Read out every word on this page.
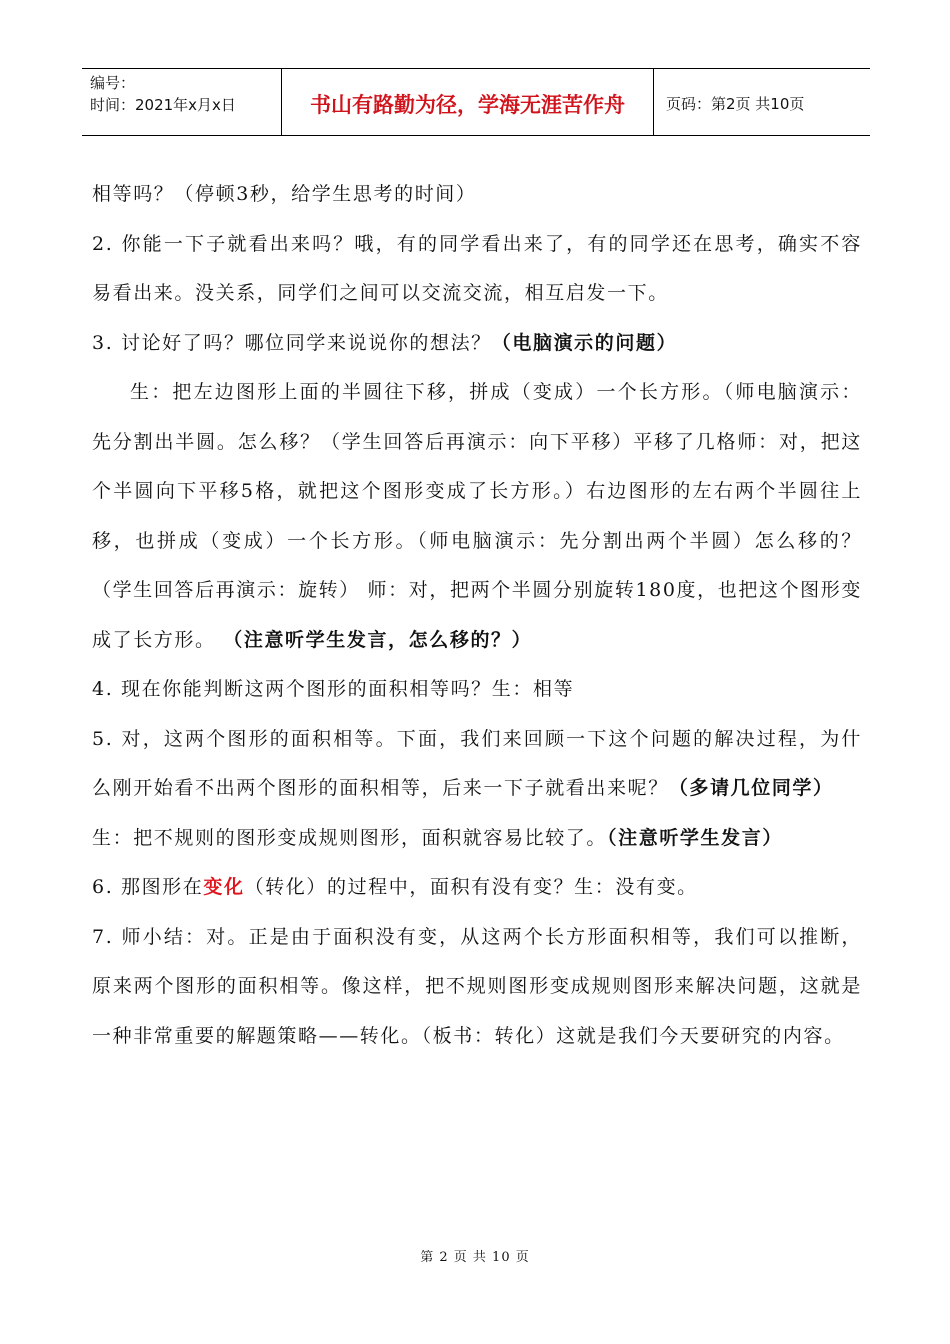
编号：
时间：2021年x月x日	书山有路勤为径，学海无涯苦作舟	页码：第2页 共10页

相等吗？（停顿3秒，给学生思考的时间）

2. 你能一下子就看出来吗？哦，有的同学看出来了，有的同学还在思考，确实不容易看出来。没关系，同学们之间可以交流交流，相互启发一下。

3. 讨论好了吗？哪位同学来说说你的想法？（电脑演示的问题）

生：把左边图形上面的半圆往下移，拼成（变成）一个长方形。（师电脑演示：先分割出半圆。怎么移？（学生回答后再演示：向下平移）平移了几格师：对，把这个半圆向下平移5格，就把这个图形变成了长方形。）右边图形的左右两个半圆往上移，也拼成（变成）一个长方形。（师电脑演示：先分割出两个半圆）怎么移的？（学生回答后再演示：旋转） 师：对，把两个半圆分别旋转180度，也把这个图形变成了长方形。 （注意听学生发言，怎么移的？）

4. 现在你能判断这两个图形的面积相等吗？生：相等

5. 对，这两个图形的面积相等。下面，我们来回顾一下这个问题的解决过程，为什么刚开始看不出两个图形的面积相等，后来一下子就看出来呢？（多请几位同学）

生：把不规则的图形变成规则图形，面积就容易比较了。（注意听学生发言）

6. 那图形在变化（转化）的过程中，面积有没有变？生：没有变。

7. 师小结：对。正是由于面积没有变，从这两个长方形面积相等，我们可以推断，原来两个图形的面积相等。像这样，把不规则图形变成规则图形来解决问题，这就是一种非常重要的解题策略——转化。（板书：转化）这就是我们今天要研究的内容。

第 2 页 共 10 页
